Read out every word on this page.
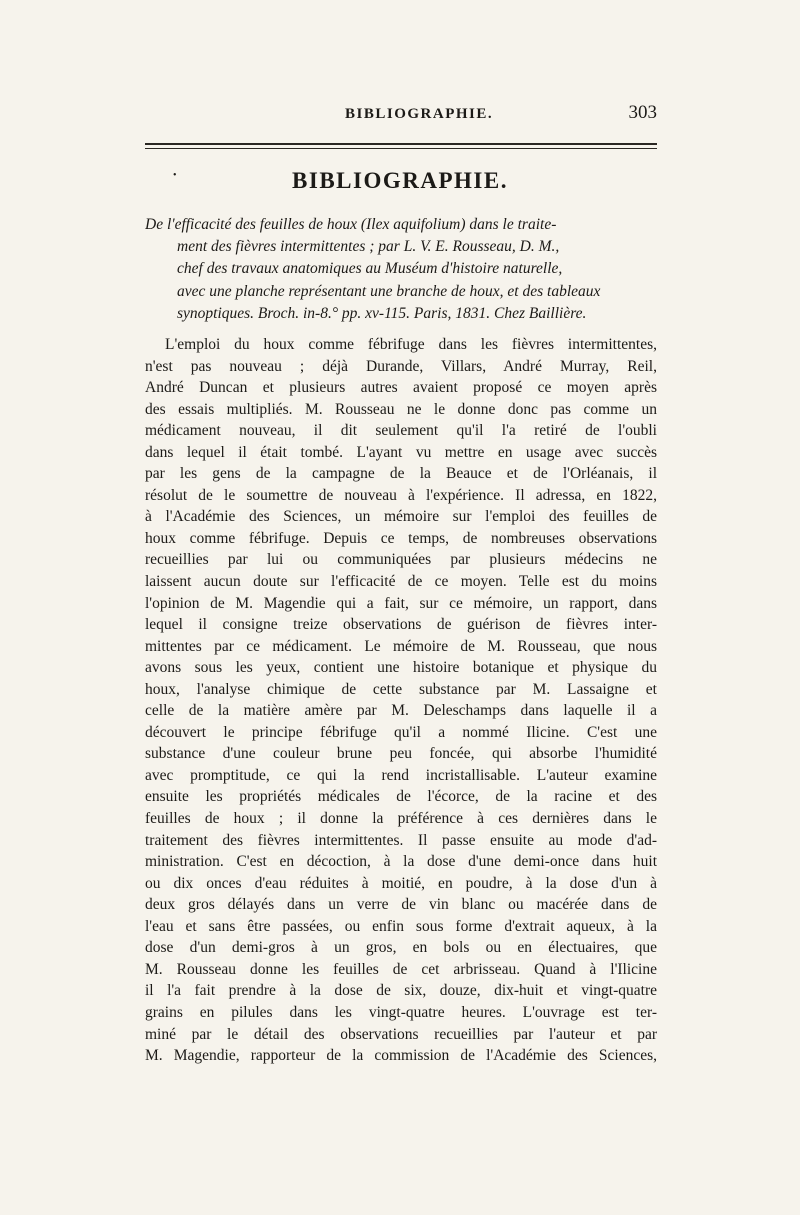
BIBLIOGRAPHIE.	303
•	BIBLIOGRAPHIE.
De l'efficacité des feuilles de houx (Ilex aquifolium) dans le traite-
ment des fièvres intermittentes ; par L. V. E. Rousseau, D. M.,
chef des travaux anatomiques au Muséum d'histoire naturelle,
avec une planche représentant une branche de houx, et des tableaux
synoptiques. Broch. in-8.° pp. xv-115. Paris, 1831. Chez Baillière.
L'emploi du houx comme fébrifuge dans les fièvres intermittentes,
n'est pas nouveau ; déjà Durande, Villars, André Murray, Reil,
André Duncan et plusieurs autres avaient proposé ce moyen après
des essais multipliés. M. Rousseau ne le donne donc pas comme un
médicament nouveau, il dit seulement qu'il l'a retiré de l'oubli
dans lequel il était tombé. L'ayant vu mettre en usage avec succès
par les gens de la campagne de la Beauce et de l'Orléanais, il
résolut de le soumettre de nouveau à l'expérience. Il adressa, en 1822,
à l'Académie des Sciences, un mémoire sur l'emploi des feuilles de
houx comme fébrifuge. Depuis ce temps, de nombreuses observations
recueillies par lui ou communiquées par plusieurs médecins ne
laissent aucun doute sur l'efficacité de ce moyen. Telle est du moins
l'opinion de M. Magendie qui a fait, sur ce mémoire, un rapport, dans
lequel il consigne treize observations de guérison de fièvres inter-
mittentes par ce médicament. Le mémoire de M. Rousseau, que nous
avons sous les yeux, contient une histoire botanique et physique du
houx, l'analyse chimique de cette substance par M. Lassaigne et
celle de la matière amère par M. Deleschamps dans laquelle il a
découvert le principe fébrifuge qu'il a nommé Ilicine. C'est une
substance d'une couleur brune peu foncée, qui absorbe l'humidité
avec promptitude, ce qui la rend incristallisable. L'auteur examine
ensuite les propriétés médicales de l'écorce, de la racine et des
feuilles de houx ; il donne la préférence à ces dernières dans le
traitement des fièvres intermittentes. Il passe ensuite au mode d'ad-
ministration. C'est en décoction, à la dose d'une demi-once dans huit
ou dix onces d'eau réduites à moitié, en poudre, à la dose d'un à
deux gros délayés dans un verre de vin blanc ou macérée dans de
l'eau et sans être passées, ou enfin sous forme d'extrait aqueux, à la
dose d'un demi-gros à un gros, en bols ou en électuaires, que
M. Rousseau donne les feuilles de cet arbrisseau. Quand à l'Ilicine
il l'a fait prendre à la dose de six, douze, dix-huit et vingt-quatre
grains en pilules dans les vingt-quatre heures. L'ouvrage est ter-
miné par le détail des observations recueillies par l'auteur et par
M. Magendie, rapporteur de la commission de l'Académie des Sciences,
